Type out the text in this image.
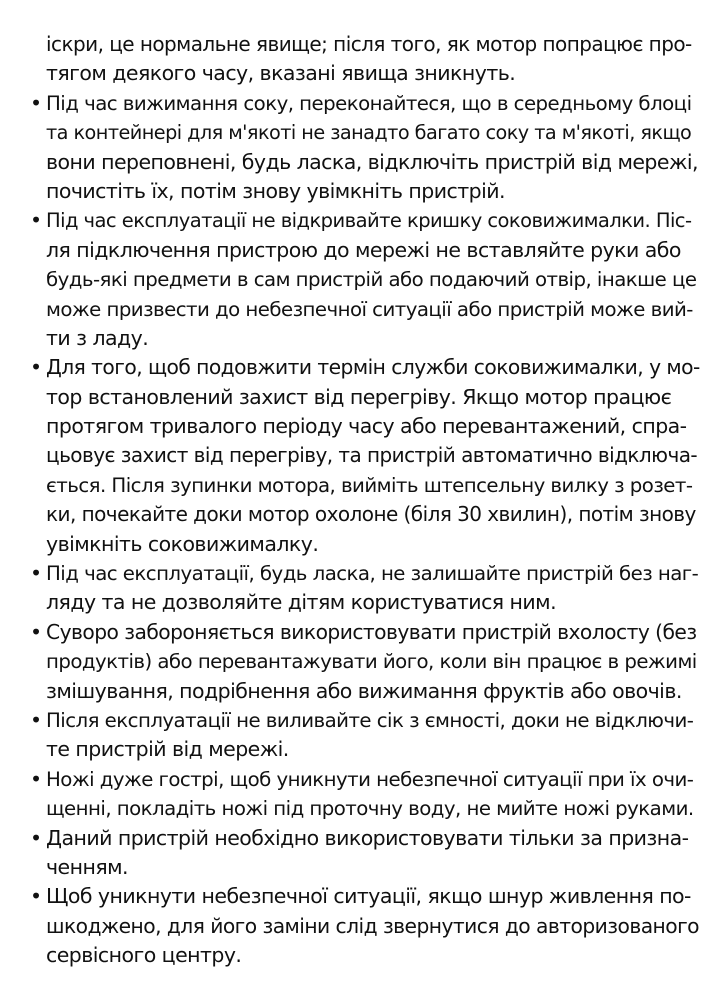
іскри, це нормальне явище; після того, як мотор попрацює про-
тягом деякого часу, вказані явища зникнуть.
• Під час вижимання соку, переконайтеся, що в середньому блоці
та контейнері для м'якоті не занадто багато соку та м'якоті, якщо
вони переповнені, будь ласка, відключіть пристрій від мережі,
почистіть їх, потім знову увімкніть пристрій.
• Під час експлуатації не відкривайте кришку соковижималки. Піс-
ля підключення пристрою до мережі не вставляйте руки або
будь-які предмети в сам пристрій або подаючий отвір, інакше це
може призвести до небезпечної ситуації або пристрій може вий-
ти з ладу.
• Для того, щоб подовжити термін служби соковижималки, у мо-
тор встановлений захист від перегріву. Якщо мотор працює
протягом тривалого періоду часу або перевантажений, спра-
цьовує захист від перегріву, та пристрій автоматично відключа-
ється. Після зупинки мотора, вийміть штепсельну вилку з розет-
ки, почекайте доки мотор охолоне (біля 30 хвилин), потім знову
увімкніть соковижималку.
• Під час експлуатації, будь ласка, не залишайте пристрій без наг-
ляду та не дозволяйте дітям користуватися ним.
• Суворо забороняється використовувати пристрій вхолосту (без
продуктів) або перевантажувати його, коли він працює в режимі
змішування, подрібнення або вижимання фруктів або овочів.
• Після експлуатації не виливайте сік з ємності, доки не відключи-
те пристрій від мережі.
• Ножі дуже гострі, щоб уникнути небезпечної ситуації при їх очи-
щенні, покладіть ножі під проточну воду, не мийте ножі руками.
• Даний пристрій необхідно використовувати тільки за призна-
ченням.
• Щоб уникнути небезпечної ситуації, якщо шнур живлення по-
шкоджено, для його заміни слід звернутися до авторизованого
сервісного центру.
